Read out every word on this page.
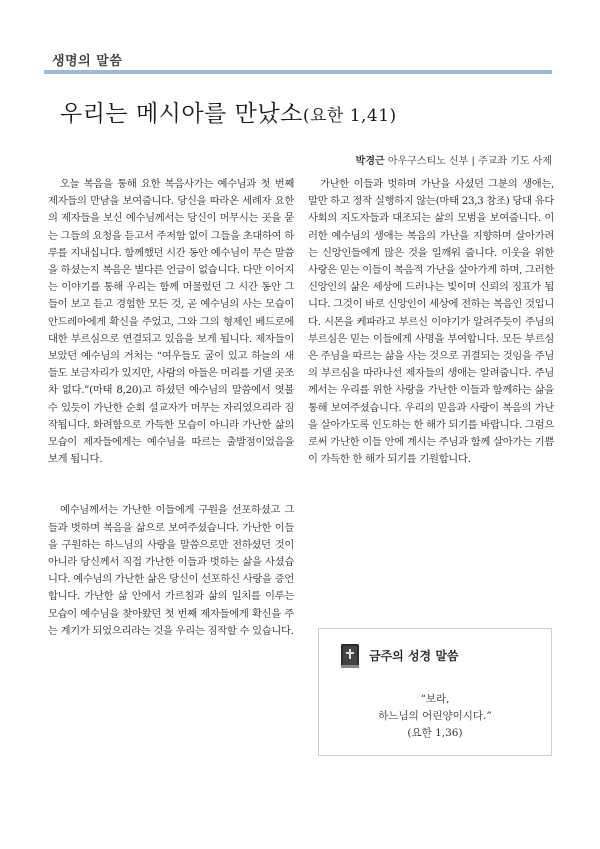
생명의 말씀
우리는 메시아를 만났소(요한 1,41)
박경근 아우구스티노 신부 | 주교좌 기도 사제

오늘 복음을 통해 요한 복음사가는 예수님과 첫 번째 제자들의 만남을 보여줍니다. 당신을 따라온 세례자 요한의 제자들을 보신 예수님께서는 당신이 머무시는 곳을 묻는 그들의 요청을 듣고서 주저함 없이 그들을 초대하여 하루를 지내십니다. 함께했던 시간 동안 예수님이 무슨 말씀을 하셨는지 복음은 별다른 언급이 없습니다. 다만 이어지는 이야기를 통해 우리는 함께 머물렀던 그 시간 동안 그들이 보고 듣고 경험한 모든 것, 곧 예수님의 사는 모습이 안드레아에게 확신을 주었고, 그와 그의 형제인 베드로에 대한 부르심으로 연결되고 있음을 보게 됩니다. 제자들이 보았던 예수님의 거처는 “여우들도 굴이 있고 하늘의 새들도 보금자리가 있지만, 사람의 아들은 머리를 기댈 곳조차 없다.”(마태 8,20)고 하셨던 예수님의 말씀에서 엿볼 수 있듯이 가난한 순회 설교자가 머무는 자리였으리라 짐작됩니다. 화려함으로 가득한 모습이 아니라 가난한 삶의 모습이 제자들에게는 예수님을 따르는 출발점이었음을 보게 됩니다.

예수님께서는 가난한 이들에게 구원을 선포하셨고 그들과 벗하며 복음을 삶으로 보여주셨습니다. 가난한 이들을 구원하는 하느님의 사랑을 말씀으로만 전하셨던 것이 아니라 당신께서 직접 가난한 이들과 벗하는 삶을 사셨습니다. 예수님의 가난한 삶은 당신이 선포하신 사랑을 증언합니다. 가난한 삶 안에서 가르침과 삶의 일치를 이루는 모습이 예수님을 찾아왔던 첫 번째 제자들에게 확신을 주는 계기가 되었으리라는 것을 우리는 짐작할 수 있습니다.

가난한 이들과 벗하며 가난을 사셨던 그분의 생애는, 말만 하고 정작 실행하지 않는(마태 23,3 참조) 당대 유다 사회의 지도자들과 대조되는 삶의 모범을 보여줍니다. 이러한 예수님의 생애는 복음의 가난을 지향하며 살아가려는 신앙인들에게 많은 것을 일깨워 줍니다. 이웃을 위한 사랑은 믿는 이들이 복음적 가난을 살아가게 하며, 그러한 신앙인의 삶은 세상에 드러나는 빛이며 신뢰의 징표가 됩니다. 그것이 바로 신앙인이 세상에 전하는 복음인 것입니다. 시몬을 케파라고 부르신 이야기가 알려주듯이 주님의 부르심은 믿는 이들에게 사명을 부여합니다. 모든 부르심은 주님을 따르는 삶을 사는 것으로 귀결되는 것임을 주님의 부르심을 따라나선 제자들의 생애는 알려줍니다. 주님께서는 우리를 위한 사랑을 가난한 이들과 함께하는 삶을 통해 보여주셨습니다. 우리의 믿음과 사랑이 복음의 가난을 살아가도록 인도하는 한 해가 되기를 바랍니다. 그럼으로써 가난한 이들 안에 계시는 주님과 함께 살아가는 기쁨이 가득한 한 해가 되기를 기원합니다.

금주의 성경 말씀
“보라,
하느님의 어린양이시다.”
(요한 1,36)
